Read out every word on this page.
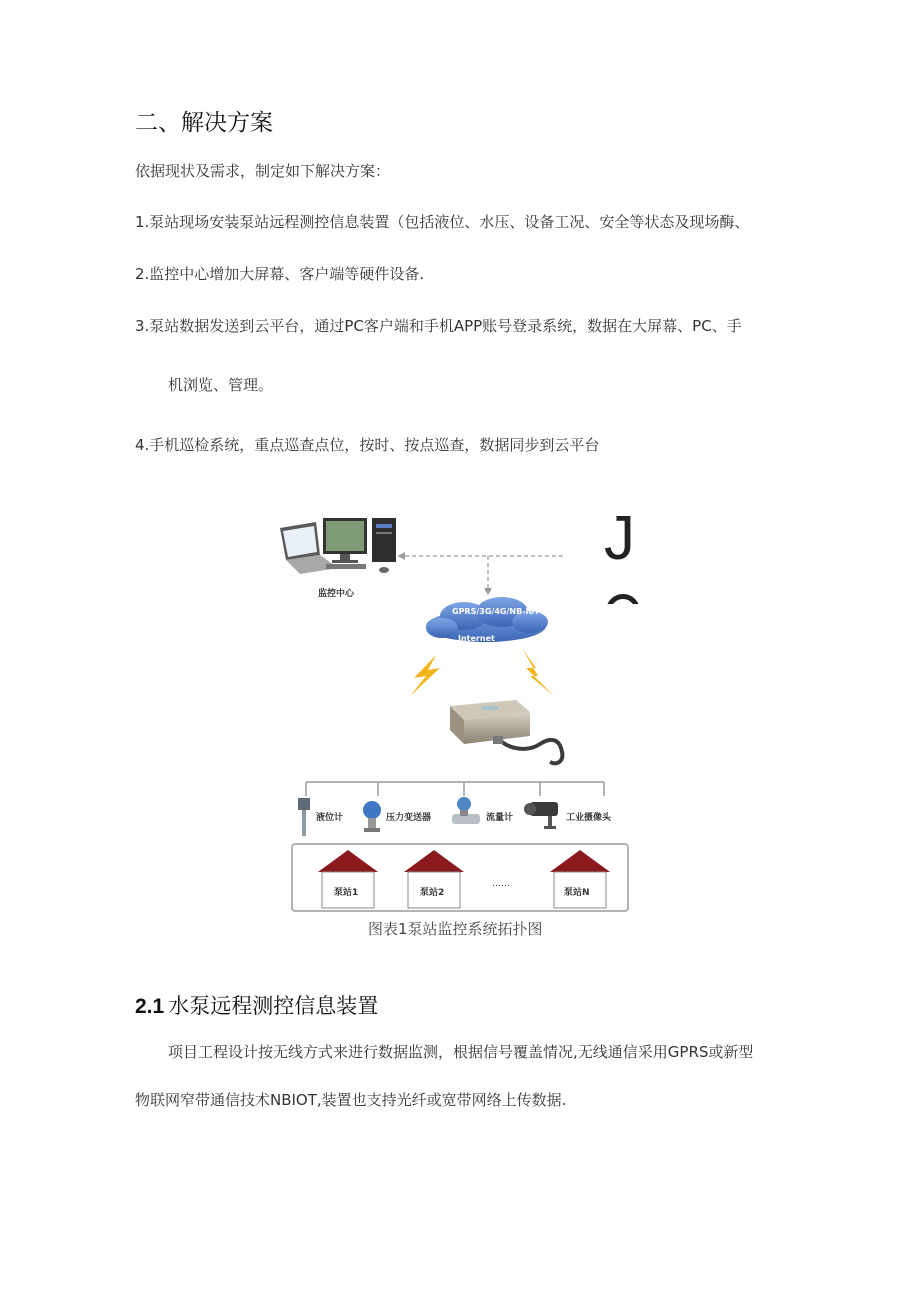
二、解决方案
依据现状及需求，制定如下解决方案：
1.泵站现场安装泵站远程测控信息装置（包括液位、水压、设备工况、安全等状态及现场酶、
2.监控中心增加大屏幕、客户端等硬件设备.
3.泵站数据发送到云平台，通过PC客户端和手机APP账号登录系统，数据在大屏幕、PC、手
机浏览、管理。
4.手机巡检系统，重点巡查点位，按时、按点巡查，数据同步到云平台
监控中心
GPRS/3G/4G/NB-IoT
Internet
液位计	压力变送器	流量计	工业摄像头
泵站1	泵站2
……
泵站N
J
图表1泵站监控系统拓扑图
2.1 水泵远程测控信息装置
项目工程设计按无线方式来进行数据监测，根据信号覆盖情况,无线通信采用GPRS或新型
物联网窄带通信技术NBIOT,装置也支持光纤或宽带网络上传数据.
